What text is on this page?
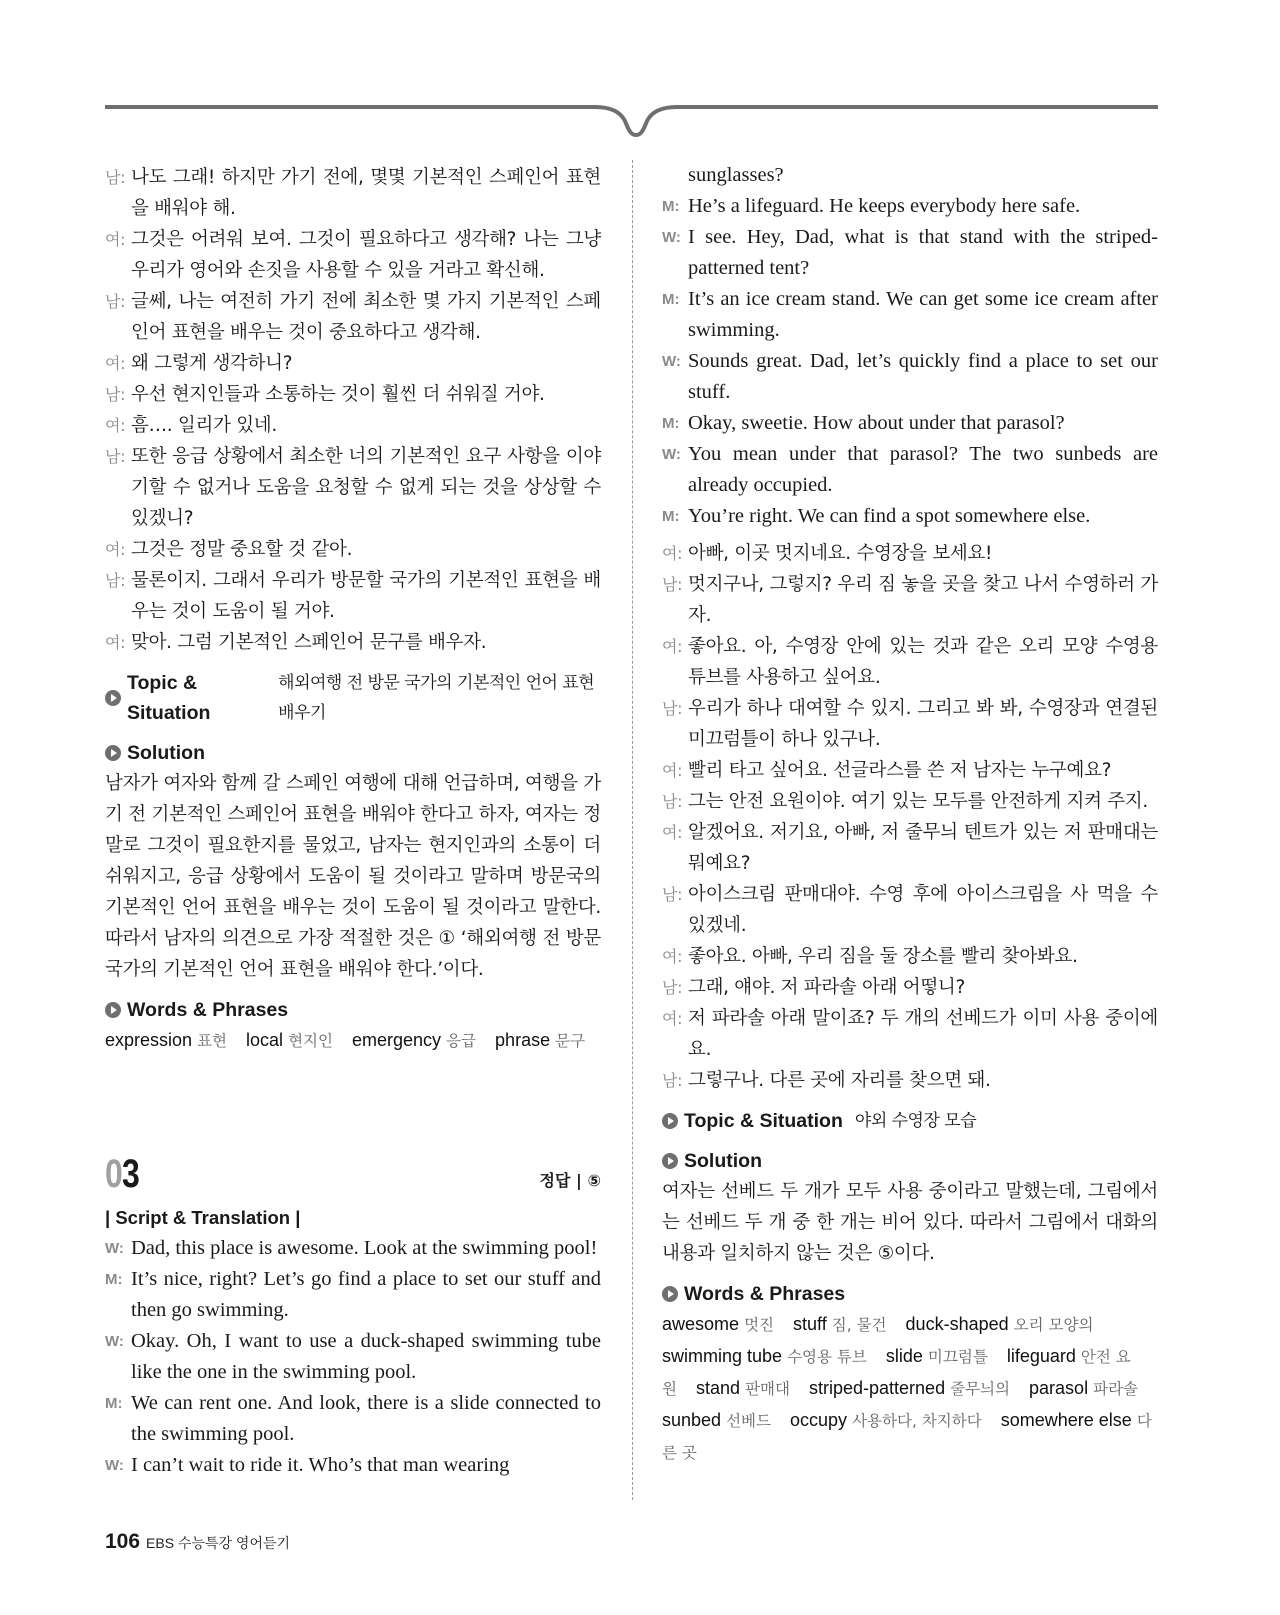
남: 나도 그래! 하지만 가기 전에, 몇몇 기본적인 스페인어 표현을 배워야 해.
여: 그것은 어려워 보여. 그것이 필요하다고 생각해? 나는 그냥 우리가 영어와 손짓을 사용할 수 있을 거라고 확신해.
남: 글쎄, 나는 여전히 가기 전에 최소한 몇 가지 기본적인 스페인어 표현을 배우는 것이 중요하다고 생각해.
여: 왜 그렇게 생각하니?
남: 우선 현지인들과 소통하는 것이 훨씬 더 쉬워질 거야.
여: 흠…. 일리가 있네.
남: 또한 응급 상황에서 최소한 너의 기본적인 요구 사항을 이야기할 수 없거나 도움을 요청할 수 없게 되는 것을 상상할 수 있겠니?
여: 그것은 정말 중요할 것 같아.
남: 물론이지. 그래서 우리가 방문할 국가의 기본적인 표현을 배우는 것이 도움이 될 거야.
여: 맞아. 그럼 기본적인 스페인어 문구를 배우자.
Topic & Situation
해외여행 전 방문 국가의 기본적인 언어 표현 배우기
Solution
남자가 여자와 함께 갈 스페인 여행에 대해 언급하며, 여행을 가기 전 기본적인 스페인어 표현을 배워야 한다고 하자, 여자는 정말로 그것이 필요한지를 물었고, 남자는 현지인과의 소통이 더 쉬워지고, 응급 상황에서 도움이 될 것이라고 말하며 방문국의 기본적인 언어 표현을 배우는 것이 도움이 될 것이라고 말한다. 따라서 남자의 의견으로 가장 적절한 것은 ① ‘해외여행 전 방문 국가의 기본적인 언어 표현을 배워야 한다.’이다.
Words & Phrases
expression 표현 local 현지인 emergency 응급 phrase 문구
03	정답 | ⑤
| Script & Translation |
W: Dad, this place is awesome. Look at the swimming pool!
M: It’s nice, right? Let’s go find a place to set our stuff and then go swimming.
W: Okay. Oh, I want to use a duck-shaped swimming tube like the one in the swimming pool.
M: We can rent one. And look, there is a slide connected to the swimming pool.
W: I can’t wait to ride it. Who’s that man wearing
sunglasses?
M: He’s a lifeguard. He keeps everybody here safe.
W: I see. Hey, Dad, what is that stand with the striped-patterned tent?
M: It’s an ice cream stand. We can get some ice cream after swimming.
W: Sounds great. Dad, let’s quickly find a place to set our stuff.
M: Okay, sweetie. How about under that parasol?
W: You mean under that parasol? The two sunbeds are already occupied.
M: You’re right. We can find a spot somewhere else.
여: 아빠, 이곳 멋지네요. 수영장을 보세요!
남: 멋지구나, 그렇지? 우리 짐 놓을 곳을 찾고 나서 수영하러 가자.
여: 좋아요. 아, 수영장 안에 있는 것과 같은 오리 모양 수영용 튜브를 사용하고 싶어요.
남: 우리가 하나 대여할 수 있지. 그리고 봐 봐, 수영장과 연결된 미끄럼틀이 하나 있구나.
여: 빨리 타고 싶어요. 선글라스를 쓴 저 남자는 누구예요?
남: 그는 안전 요원이야. 여기 있는 모두를 안전하게 지켜 주지.
여: 알겠어요. 저기요, 아빠, 저 줄무늬 텐트가 있는 저 판매대는 뭐예요?
남: 아이스크림 판매대야. 수영 후에 아이스크림을 사 먹을 수 있겠네.
여: 좋아요. 아빠, 우리 짐을 둘 장소를 빨리 찾아봐요.
남: 그래, 얘야. 저 파라솔 아래 어떻니?
여: 저 파라솔 아래 말이죠? 두 개의 선베드가 이미 사용 중이에요.
남: 그렇구나. 다른 곳에 자리를 찾으면 돼.
Topic & Situation 야외 수영장 모습
Solution
여자는 선베드 두 개가 모두 사용 중이라고 말했는데, 그림에서는 선베드 두 개 중 한 개는 비어 있다. 따라서 그림에서 대화의 내용과 일치하지 않는 것은 ⑤이다.
Words & Phrases
awesome 멋진 stuff 짐, 물건 duck-shaped 오리 모양의 swimming tube 수영용 튜브 slide 미끄럼틀 lifeguard 안전 요원 stand 판매대 striped-patterned 줄무늬의 parasol 파라솔 sunbed 선베드 occupy 사용하다, 차지하다 somewhere else 다른 곳
106 EBS 수능특강 영어듣기
